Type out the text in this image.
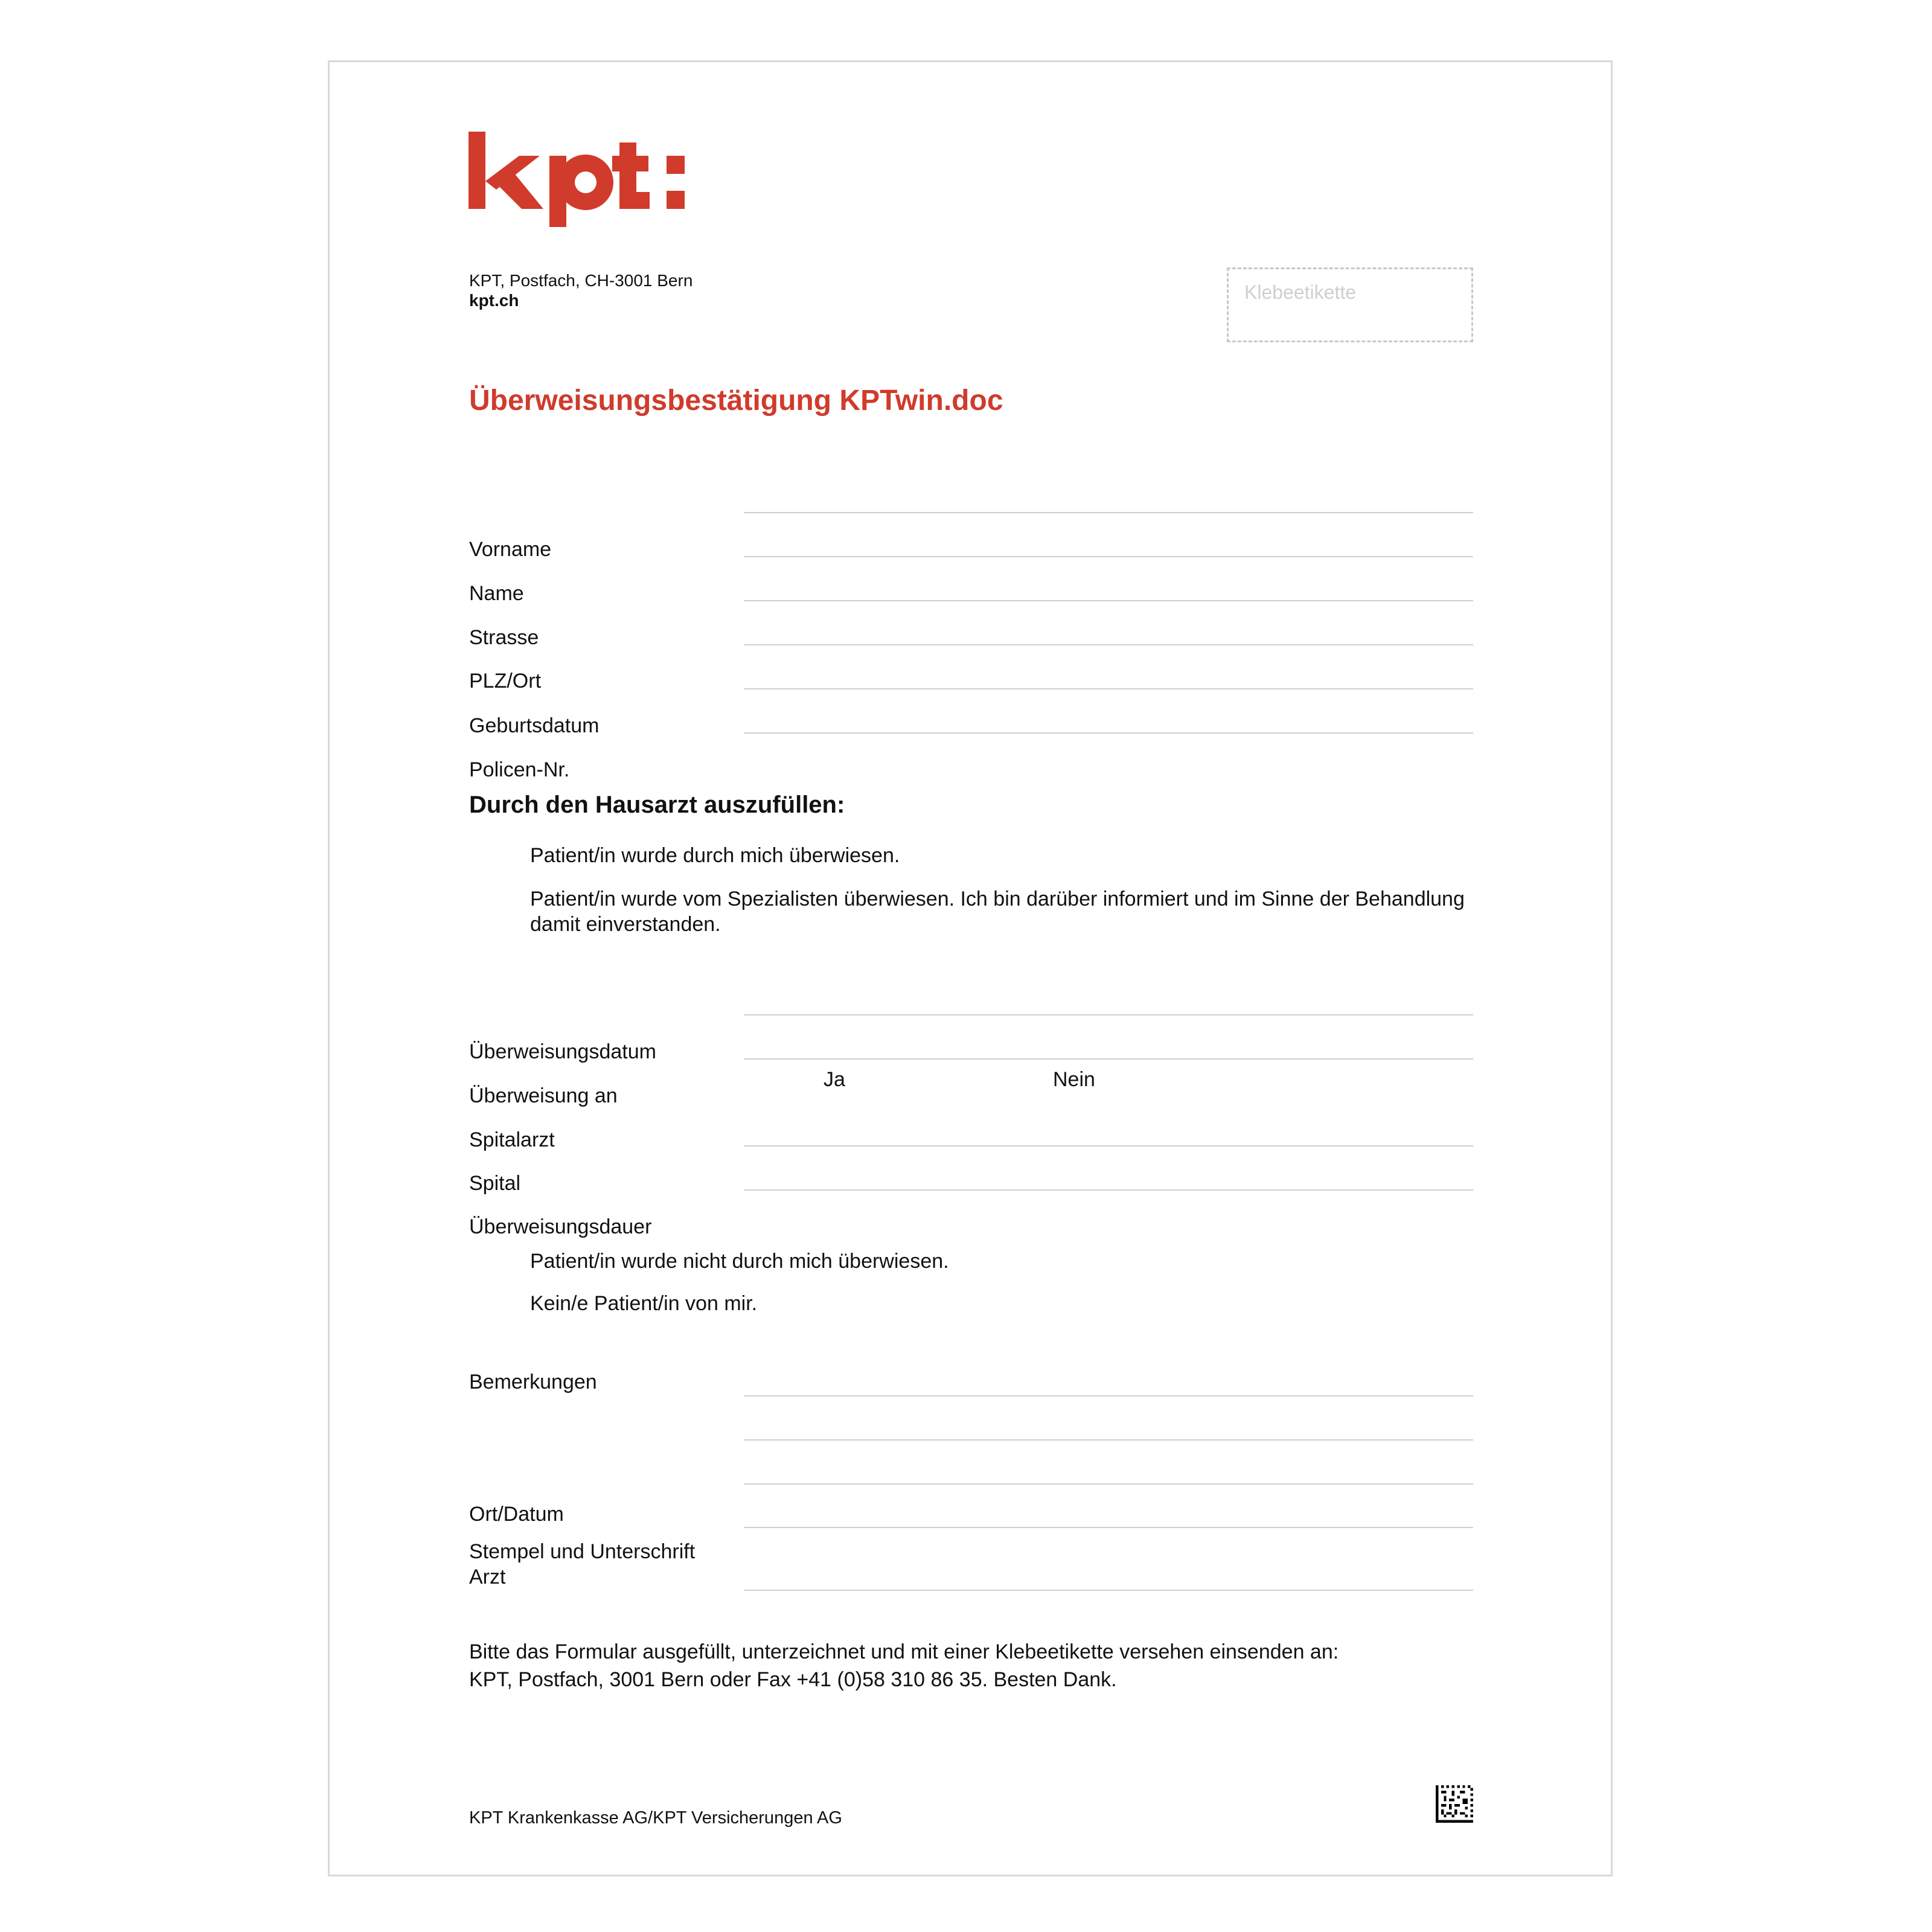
KPT, Postfach, CH-3001 Bern
kpt.ch	Klebeetikette
Überweisungsbestätigung KPTwin.doc
Vorname
Name
Strasse
PLZ/Ort
Geburtsdatum
Policen-Nr.
Durch den Hausarzt auszufüllen:
Patient/in wurde durch mich überwiesen.
Patient/in wurde vom Spezialisten überwiesen. Ich bin darüber informiert und im Sinne der Behandlung damit einverstanden.
Überweisungsdatum
Überweisung an
Spitalarzt
Ja	Nein
Spital
Überweisungsdauer
Patient/in wurde nicht durch mich überwiesen.
Kein/e Patient/in von mir.
Bemerkungen
Ort/Datum
Stempel und Unterschrift
Arzt
Bitte das Formular ausgefüllt, unterzeichnet und mit einer Klebeetikette versehen einsenden an:
KPT, Postfach, 3001 Bern oder Fax +41 (0)58 310 86 35. Besten Dank.
KPT Krankenkasse AG/KPT Versicherungen AG
